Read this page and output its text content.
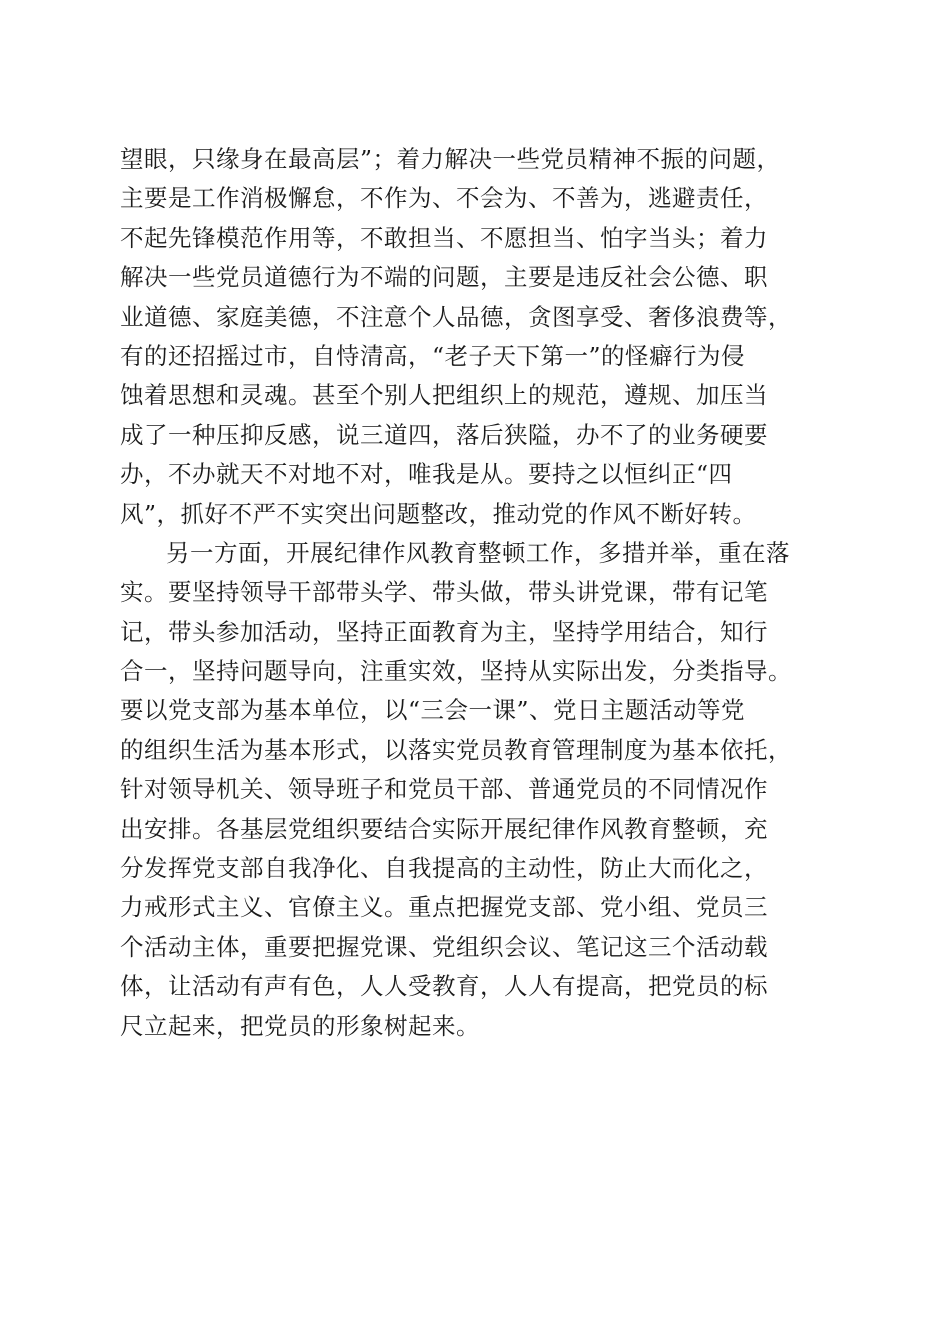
望眼，只缘身在最高层”；着力解决一些党员精神不振的问题，
主要是工作消极懈怠，不作为、不会为、不善为，逃避责任，
不起先锋模范作用等，不敢担当、不愿担当、怕字当头；着力
解决一些党员道德行为不端的问题，主要是违反社会公德、职
业道德、家庭美德，不注意个人品德，贪图享受、奢侈浪费等，
有的还招摇过市，自恃清高，“老子天下第一”的怪癖行为侵
蚀着思想和灵魂。甚至个别人把组织上的规范，遵规、加压当
成了一种压抑反感，说三道四，落后狭隘，办不了的业务硬要
办，不办就天不对地不对，唯我是从。要持之以恒纠正“四
风”，抓好不严不实突出问题整改，推动党的作风不断好转。
另一方面，开展纪律作风教育整顿工作，多措并举，重在落
实。要坚持领导干部带头学、带头做，带头讲党课，带有记笔
记，带头参加活动，坚持正面教育为主，坚持学用结合，知行
合一，坚持问题导向，注重实效，坚持从实际出发，分类指导。
要以党支部为基本单位，以“三会一课”、党日主题活动等党
的组织生活为基本形式，以落实党员教育管理制度为基本依托，
针对领导机关、领导班子和党员干部、普通党员的不同情况作
出安排。各基层党组织要结合实际开展纪律作风教育整顿，充
分发挥党支部自我净化、自我提高的主动性，防止大而化之，
力戒形式主义、官僚主义。重点把握党支部、党小组、党员三
个活动主体，重要把握党课、党组织会议、笔记这三个活动载
体，让活动有声有色，人人受教育，人人有提高，把党员的标
尺立起来，把党员的形象树起来。
